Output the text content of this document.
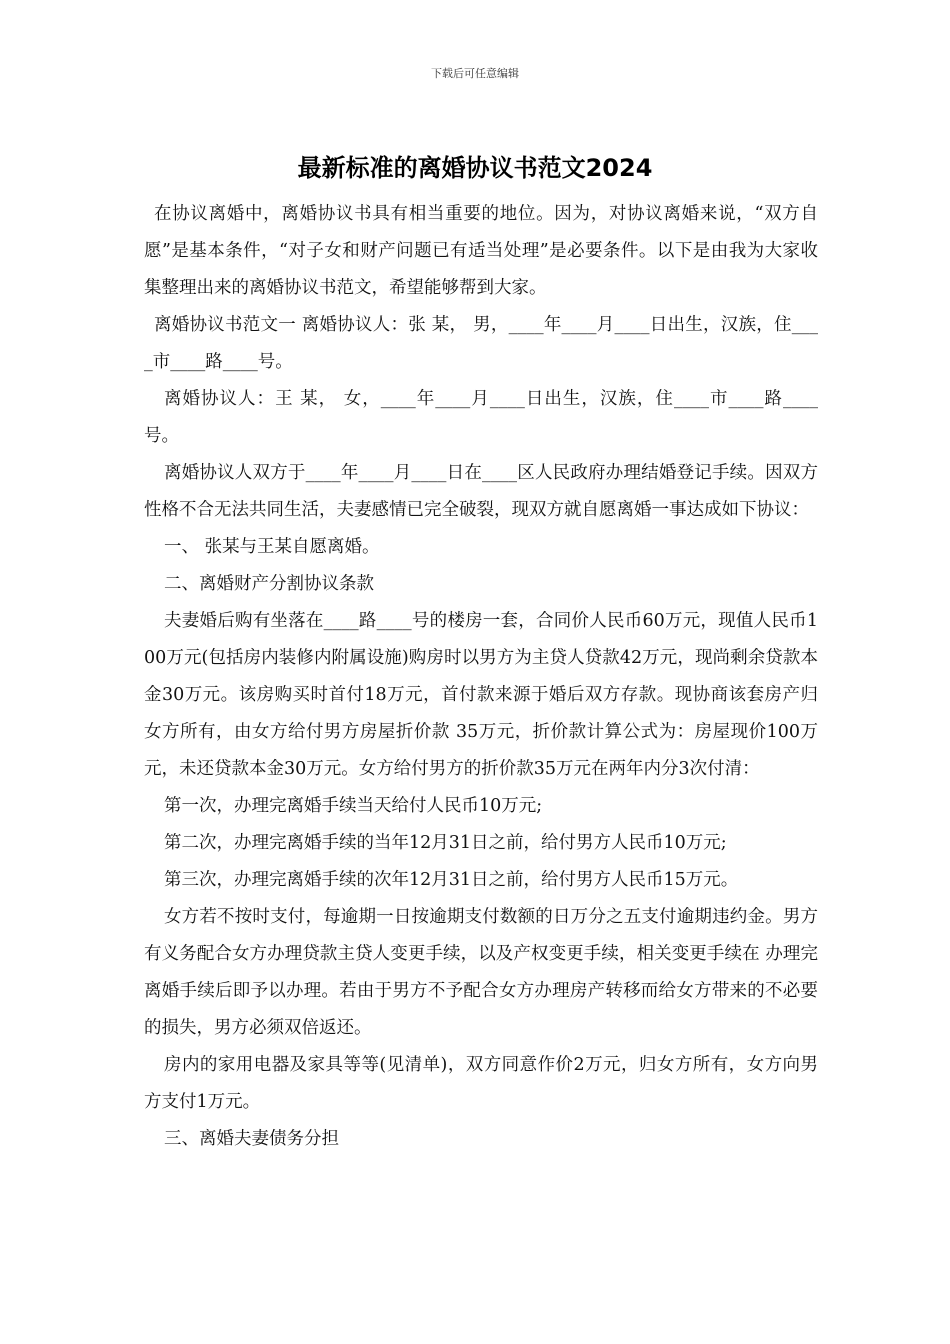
下载后可任意编辑
最新标准的离婚协议书范文2024

在协议离婚中，离婚协议书具有相当重要的地位。因为，对协议离婚来说，“双方自愿”是基本条件，“对子女和财产问题已有适当处理”是必要条件。以下是由我为大家收集整理出来的离婚协议书范文，希望能够帮到大家。

离婚协议书范文一 离婚协议人：张 某， 男，____年____月____日出生，汉族，住____市____路____号。

离婚协议人：王 某， 女，____年____月____日出生，汉族，住____市____路____号。

离婚协议人双方于____年____月____日在____区人民政府办理结婚登记手续。因双方性格不合无法共同生活，夫妻感情已完全破裂，现双方就自愿离婚一事达成如下协议：

一、 张某与王某自愿离婚。

二、离婚财产分割协议条款

夫妻婚后购有坐落在____路____号的楼房一套，合同价人民币60万元，现值人民币100万元(包括房内装修内附属设施)购房时以男方为主贷人贷款42万元，现尚剩余贷款本金30万元。该房购买时首付18万元，首付款来源于婚后双方存款。现协商该套房产归女方所有，由女方给付男方房屋折价款 35万元，折价款计算公式为：房屋现价100万元，未还贷款本金30万元。女方给付男方的折价款35万元在两年内分3次付清：

第一次，办理完离婚手续当天给付人民币10万元;

第二次，办理完离婚手续的当年12月31日之前，给付男方人民币10万元;

第三次，办理完离婚手续的次年12月31日之前，给付男方人民币15万元。

女方若不按时支付，每逾期一日按逾期支付数额的日万分之五支付逾期违约金。男方有义务配合女方办理贷款主贷人变更手续，以及产权变更手续，相关变更手续在 办理完离婚手续后即予以办理。若由于男方不予配合女方办理房产转移而给女方带来的不必要的损失，男方必须双倍返还。

房内的家用电器及家具等等(见清单)，双方同意作价2万元，归女方所有，女方向男方支付1万元。

三、离婚夫妻债务分担
